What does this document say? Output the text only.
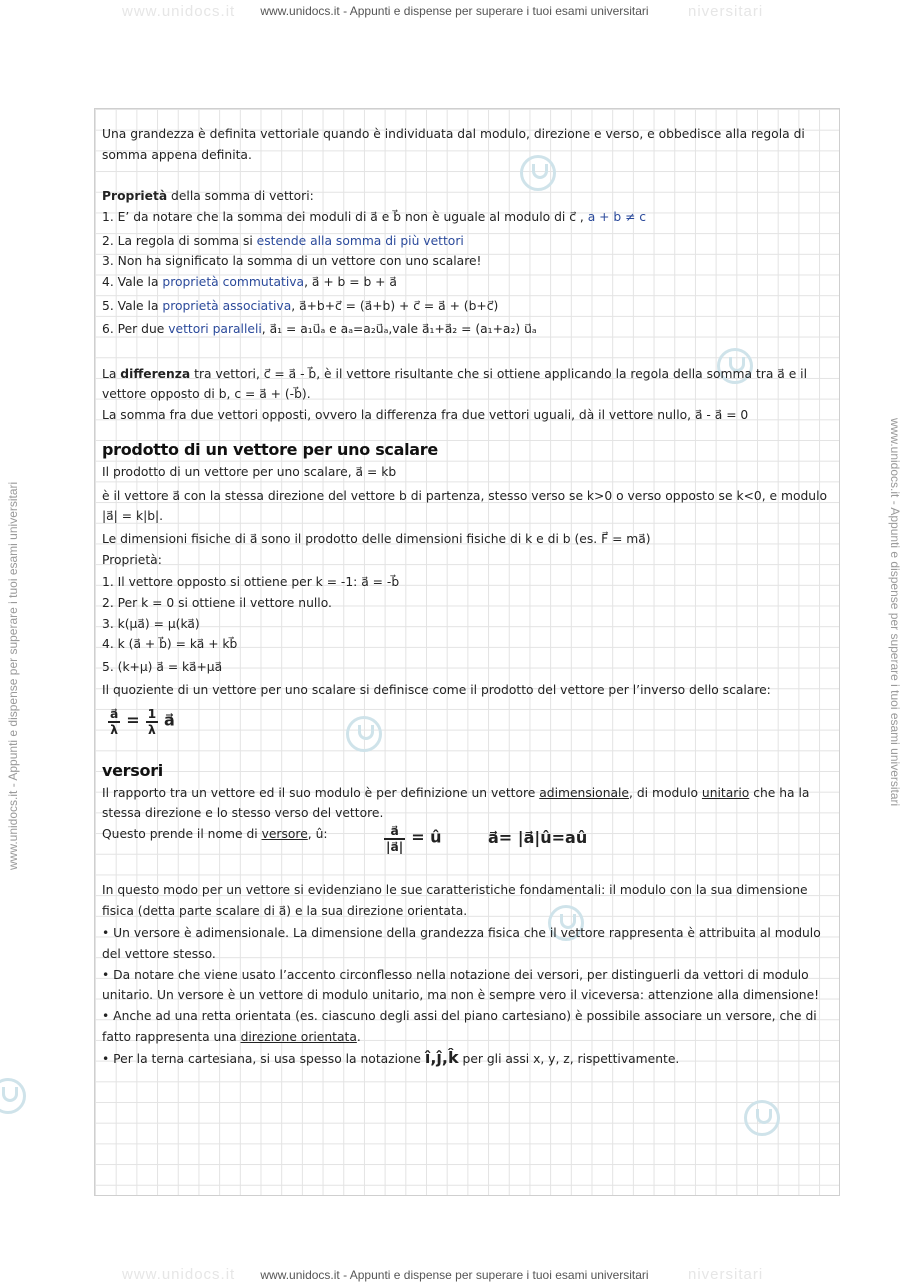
www.unidocs.it	niversitari
www.unidocs.it - Appunti e dispense per superare i tuoi esami universitari
www.unidocs.it	niversitari
www.unidocs.it - Appunti e dispense per superare i tuoi esami universitari
www.unidocs.it - Appunti e dispense per superare i tuoi esami universitari	www.unidocs.it - Appunti e dispense per superare i tuoi esami universitari

Una grandezza è definita vettoriale quando è individuata dal modulo, direzione e verso, e obbedisce alla regola di somma appena definita.

Proprietà della somma di vettori:

1. E’ da notare che la somma dei moduli di a⃗ e b⃗ non è uguale al modulo di c⃗ , a + b ≠ c

2. La regola di somma si estende alla somma di più vettori

3. Non ha significato la somma di un vettore con uno scalare!

4. Vale la proprietà commutativa, a⃗ + b = b + a⃗

5. Vale la proprietà associativa, a⃗+b+c⃗ = (a⃗+b) + c⃗ = a⃗ + (b+c⃗)

6. Per due vettori paralleli, a⃗₁ = a₁u⃗ₐ e aₐ=a₂u⃗ₐ,vale a⃗₁+a⃗₂ = (a₁+a₂) u⃗ₐ

La differenza tra vettori, c⃗ = a⃗ - b⃗, è il vettore risultante che si ottiene applicando la regola della somma tra a⃗ e il vettore opposto di b, c = a⃗ + (-b⃗).

La somma fra due vettori opposti, ovvero la differenza fra due vettori uguali, dà il vettore nullo, a⃗ - a⃗ = 0

prodotto di un vettore per uno scalare

Il prodotto di un vettore per uno scalare, a⃗ = kb

è il vettore a⃗ con la stessa direzione del vettore b di partenza, stesso verso se k>0 o verso opposto se k<0, e modulo |a⃗| = k|b|.

Le dimensioni fisiche di a⃗ sono il prodotto delle dimensioni fisiche di k e di b (es. F⃗ = ma⃗)

Proprietà:

1. Il vettore opposto si ottiene per k = -1: a⃗ = -b⃗

2. Per k = 0 si ottiene il vettore nullo.

3. k(μa⃗) = μ(ka⃗)

4. k (a⃗ + b⃗) = ka⃗ + kb⃗

5. (k+μ) a⃗ = ka⃗+μa⃗

Il quoziente di un vettore per uno scalare si definisce come il prodotto del vettore per l’inverso dello scalare:

$\frac{a⃗}{\lambda} = \frac{1}{\lambda}$ a⃗
versori

Il rapporto tra un vettore ed il suo modulo è per definizione un vettore adimensionale, di modulo unitario che ha la stessa direzione e lo stesso verso del vettore.

Questo prende il nome di versore, û:	$\frac{a⃗}{|a⃗|}$ = û	a⃗= |a⃗|û=aû

In questo modo per un vettore si evidenziano le sue caratteristiche fondamentali: il modulo con la sua dimensione fisica (detta parte scalare di a⃗) e la sua direzione orientata.

• Un versore è adimensionale. La dimensione della grandezza fisica che il vettore rappresenta è attribuita al modulo del vettore stesso.

• Da notare che viene usato l’accento circonflesso nella notazione dei versori, per distinguerli da vettori di modulo unitario. Un versore è un vettore di modulo unitario, ma non è sempre vero il viceversa: attenzione alla dimensione!

• Anche ad una retta orientata (es. ciascuno degli assi del piano cartesiano) è possibile associare un versore, che di fatto rappresenta una direzione orientata.

• Per la terna cartesiana, si usa spesso la notazione î,ĵ,k̂ per gli assi x, y, z, rispettivamente.
